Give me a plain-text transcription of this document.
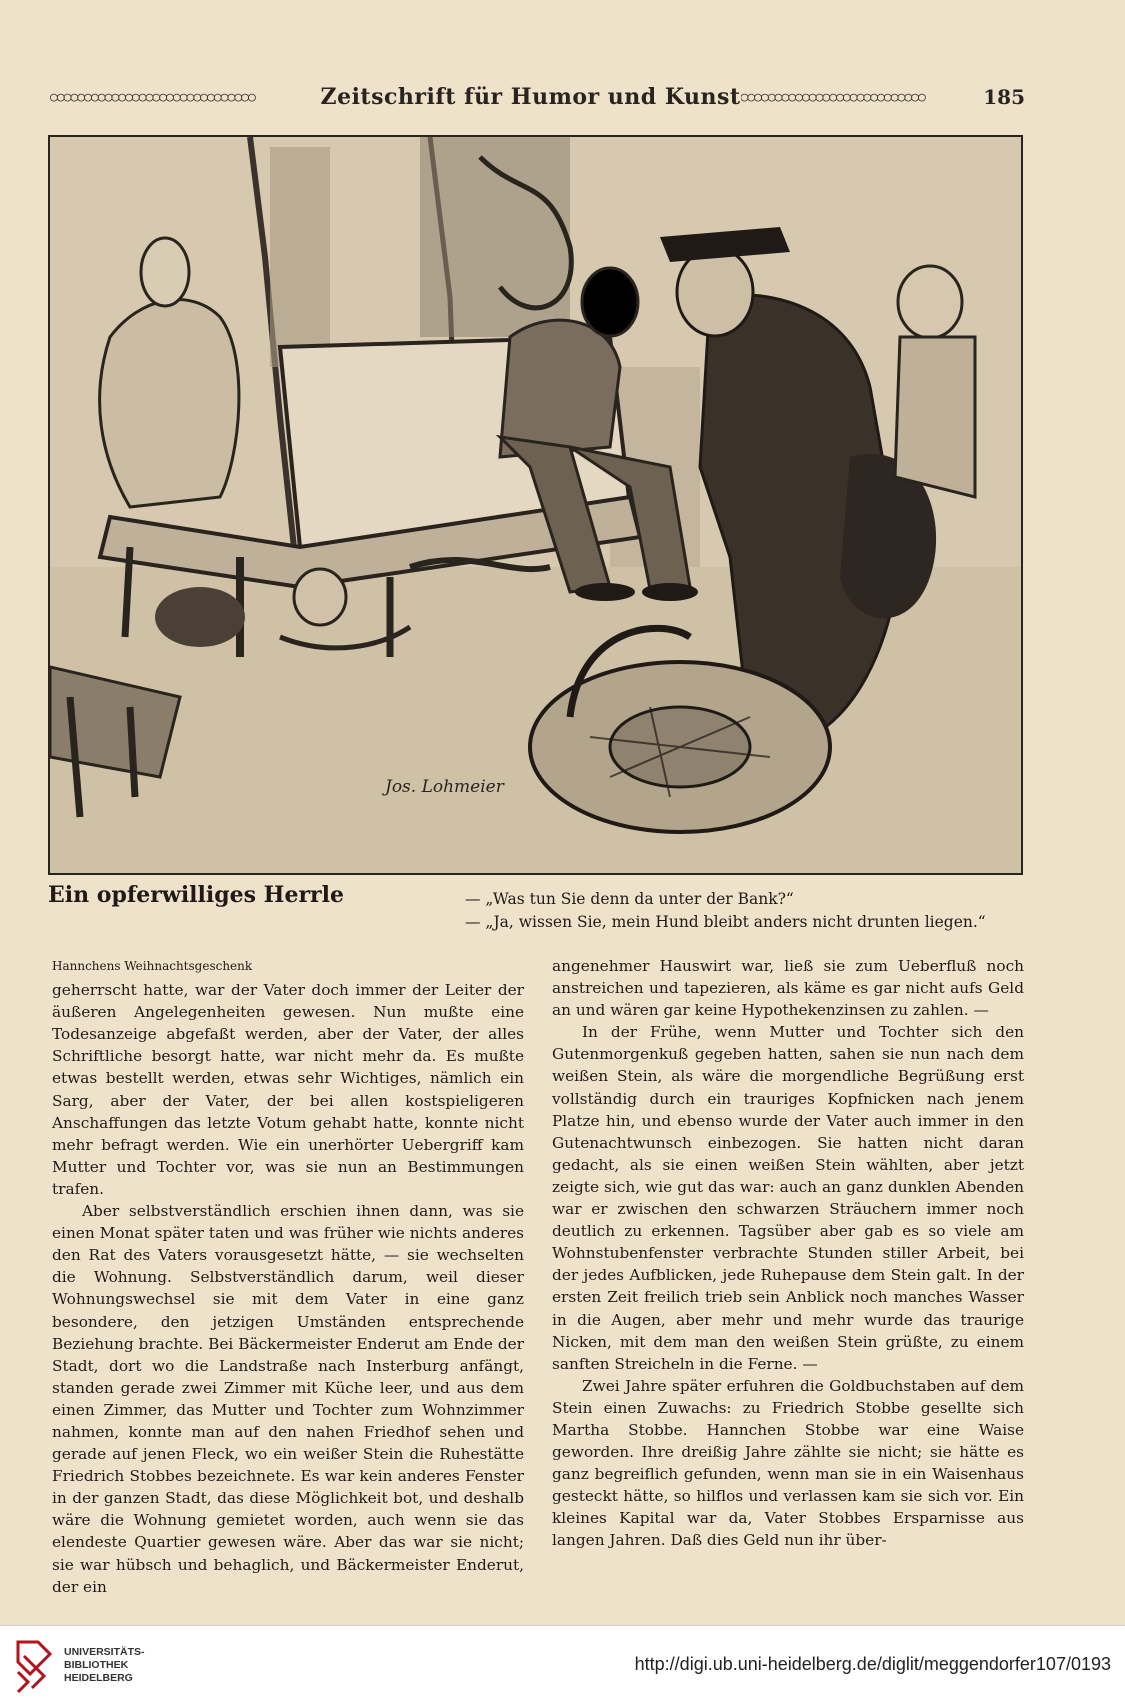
○○○○○○○○○○○○○○○○○○○○○○○○○○○○○○	Zeitschrift für Humor und Kunst ○○○○○○○○○○○○○○○○○○○○○○○○○○○	185
Jos. Lohmeier
Ein opferwilliges Herrle	— „Was tun Sie denn da unter der Bank?“

— „Ja, wissen Sie, mein Hund bleibt anders nicht drunten liegen.“

Hannchens Weihnachtsgeschenk

geherrscht hatte, war der Vater doch immer der Leiter der äußeren Angelegenheiten gewesen. Nun mußte eine Todesanzeige abgefaßt werden, aber der Vater, der alles Schriftliche besorgt hatte, war nicht mehr da. Es mußte etwas bestellt werden, etwas sehr Wichtiges, nämlich ein Sarg, aber der Vater, der bei allen kostspieligeren Anschaffungen das letzte Votum gehabt hatte, konnte nicht mehr befragt werden. Wie ein unerhörter Uebergriff kam Mutter und Tochter vor, was sie nun an Bestimmungen trafen.

Aber selbstverständlich erschien ihnen dann, was sie einen Monat später taten und was früher wie nichts anderes den Rat des Vaters vorausgesetzt hätte, — sie wechselten die Wohnung. Selbstverständlich darum, weil dieser Wohnungswechsel sie mit dem Vater in eine ganz besondere, den jetzigen Umständen entsprechende Beziehung brachte. Bei Bäckermeister Enderut am Ende der Stadt, dort wo die Landstraße nach Insterburg anfängt, standen gerade zwei Zimmer mit Küche leer, und aus dem einen Zimmer, das Mutter und Tochter zum Wohnzimmer nahmen, konnte man auf den nahen Friedhof sehen und gerade auf jenen Fleck, wo ein weißer Stein die Ruhestätte Friedrich Stobbes bezeichnete. Es war kein anderes Fenster in der ganzen Stadt, das diese Möglichkeit bot, und deshalb wäre die Wohnung gemietet worden, auch wenn sie das elendeste Quartier gewesen wäre. Aber das war sie nicht; sie war hübsch und behaglich, und Bäckermeister Enderut, der ein

angenehmer Hauswirt war, ließ sie zum Ueberfluß noch anstreichen und tapezieren, als käme es gar nicht aufs Geld an und wären gar keine Hypothekenzinsen zu zahlen. —

In der Frühe, wenn Mutter und Tochter sich den Gutenmorgenkuß gegeben hatten, sahen sie nun nach dem weißen Stein, als wäre die morgendliche Begrüßung erst vollständig durch ein trauriges Kopfnicken nach jenem Platze hin, und ebenso wurde der Vater auch immer in den Gutenachtwunsch einbezogen. Sie hatten nicht daran gedacht, als sie einen weißen Stein wählten, aber jetzt zeigte sich, wie gut das war: auch an ganz dunklen Abenden war er zwischen den schwarzen Sträuchern immer noch deutlich zu erkennen. Tagsüber aber gab es so viele am Wohnstubenfenster verbrachte Stunden stiller Arbeit, bei der jedes Aufblicken, jede Ruhepause dem Stein galt. In der ersten Zeit freilich trieb sein Anblick noch manches Wasser in die Augen, aber mehr und mehr wurde das traurige Nicken, mit dem man den weißen Stein grüßte, zu einem sanften Streicheln in die Ferne. —

Zwei Jahre später erfuhren die Goldbuchstaben auf dem Stein einen Zuwachs: zu Friedrich Stobbe gesellte sich Martha Stobbe. Hannchen Stobbe war eine Waise geworden. Ihre dreißig Jahre zählte sie nicht; sie hätte es ganz begreiflich gefunden, wenn man sie in ein Waisenhaus gesteckt hätte, so hilflos und verlassen kam sie sich vor. Ein kleines Kapital war da, Vater Stobbes Ersparnisse aus langen Jahren. Daß dies Geld nun ihr über-

UNIVERSITÄTS-
BIBLIOTHEK
HEIDELBERG
http://digi.ub.uni-heidelberg.de/diglit/meggendorfer107/0193
